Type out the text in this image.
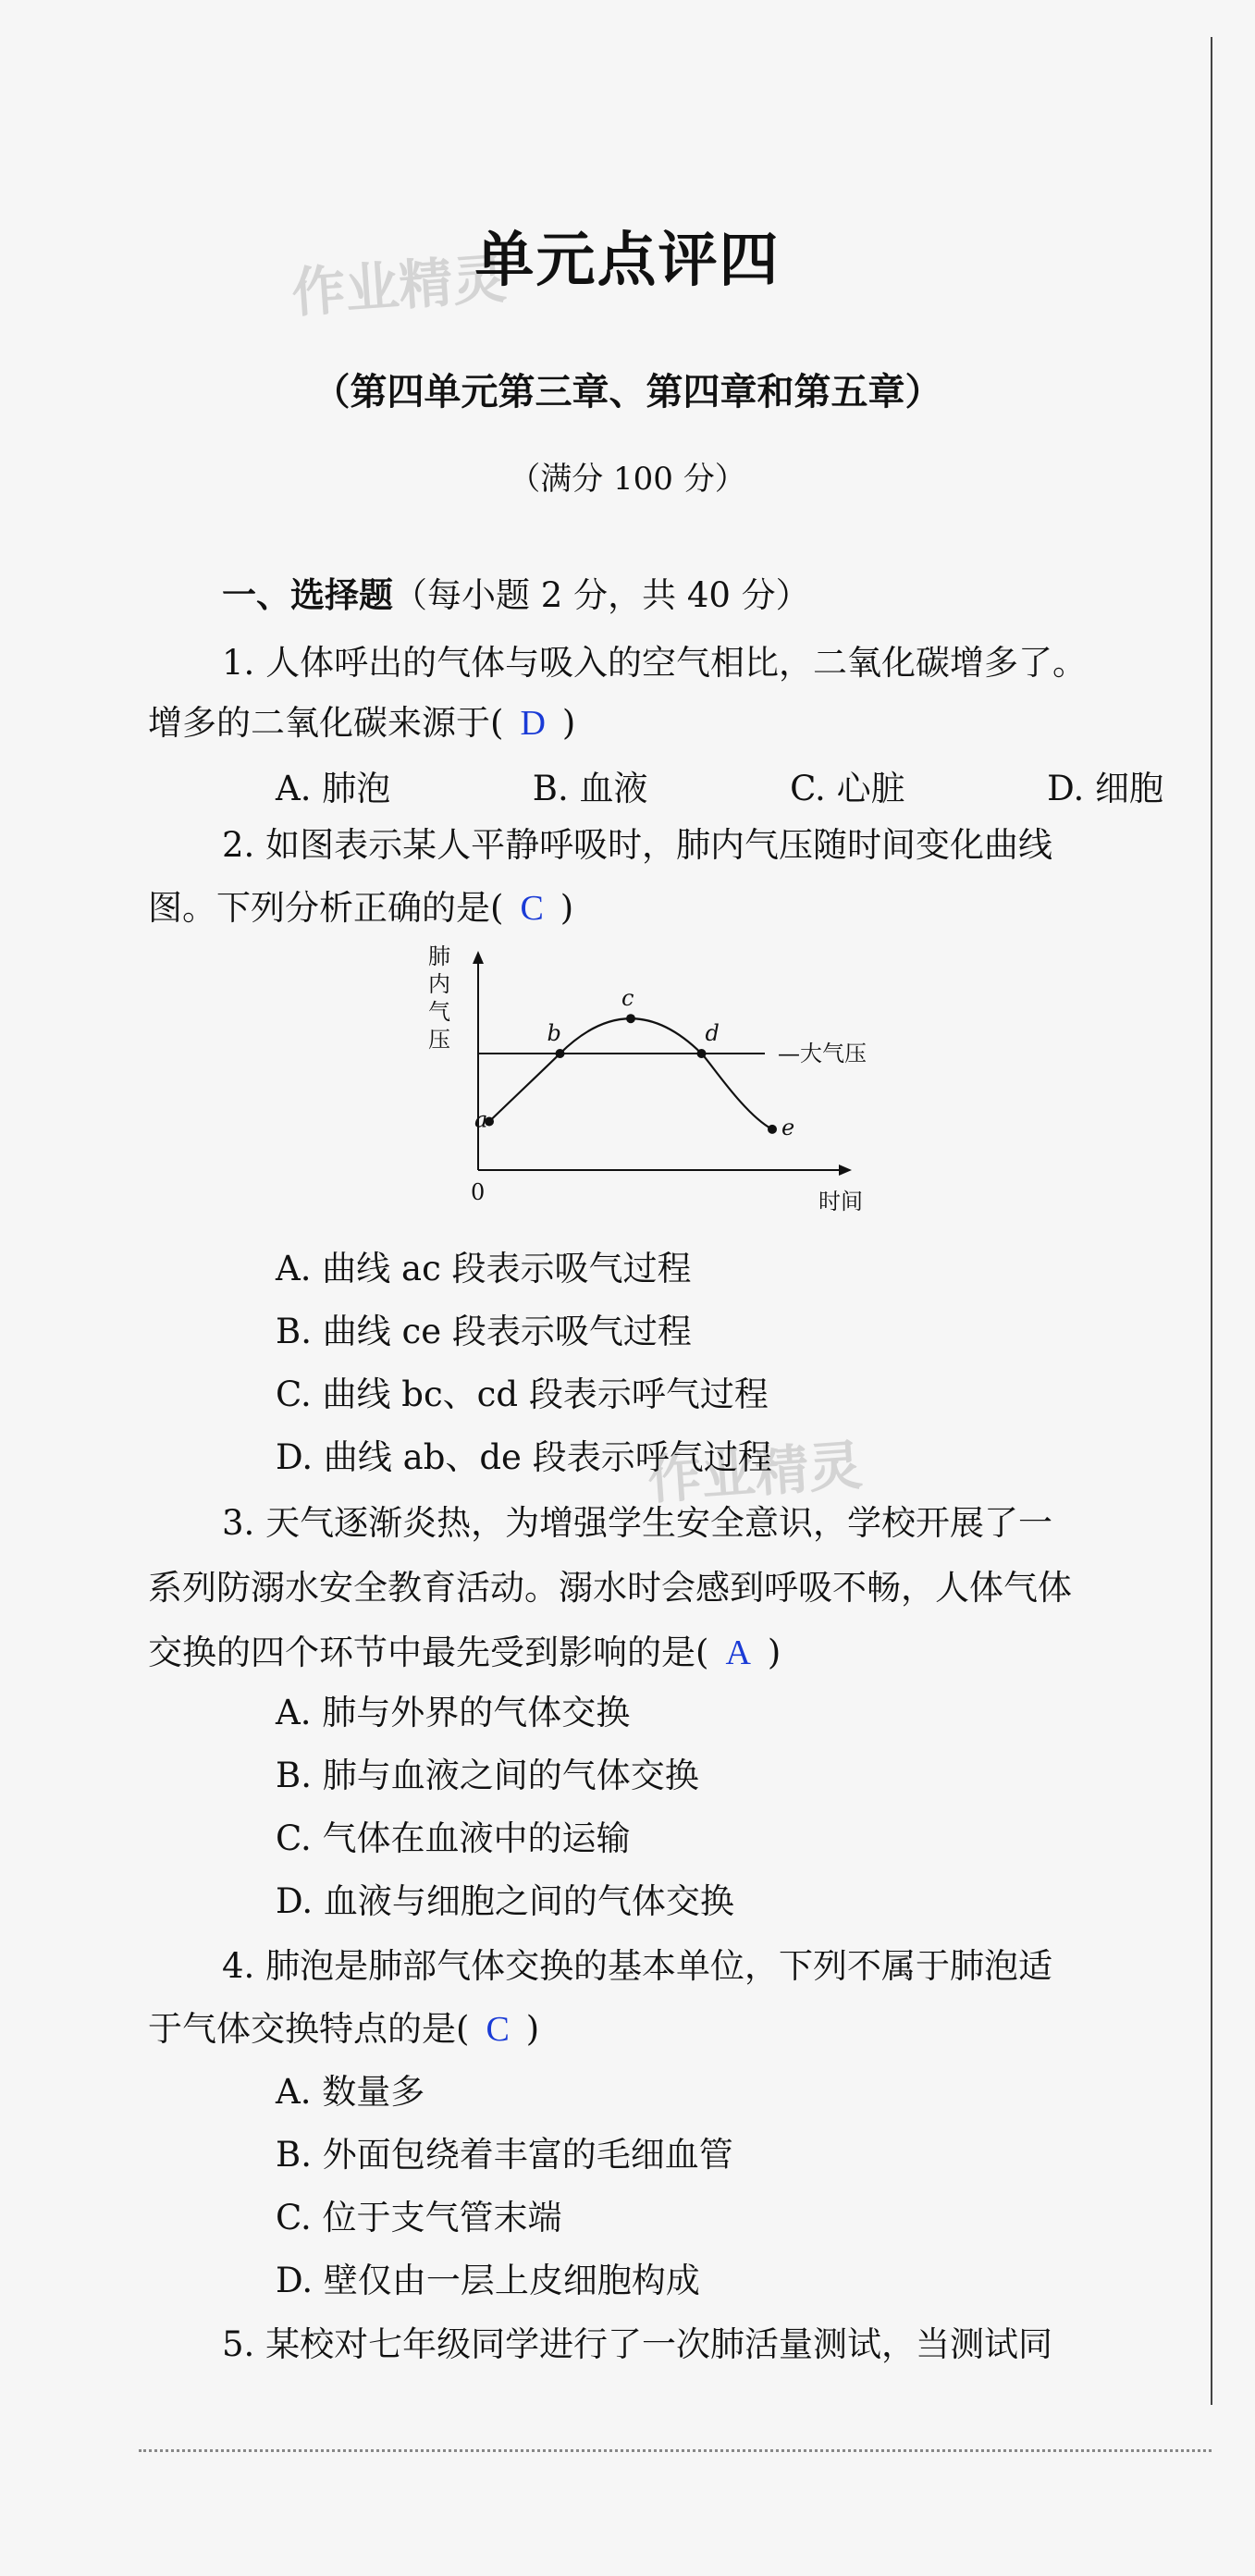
作业精灵
作业精灵
单元点评四
（第四单元第三章、第四章和第五章）
（满分 100 分）
一、选择题（每小题 2 分，共 40 分）
1. 人体呼出的气体与吸入的空气相比，二氧化碳增多了。
增多的二氧化碳来源于( D )
A. 肺泡	B. 血液	C. 心脏	D. 细胞
2. 如图表示某人平静呼吸时，肺内气压随时间变化曲线
图。下列分析正确的是( C )
肺
内
气
压
时间
0
—大气压
a
b
c
d
e
A. 曲线 ac 段表示吸气过程
B. 曲线 ce 段表示吸气过程
C. 曲线 bc、cd 段表示呼气过程
D. 曲线 ab、de 段表示呼气过程
3. 天气逐渐炎热，为增强学生安全意识，学校开展了一
系列防溺水安全教育活动。溺水时会感到呼吸不畅，人体气体
交换的四个环节中最先受到影响的是( A )
A. 肺与外界的气体交换
B. 肺与血液之间的气体交换
C. 气体在血液中的运输
D. 血液与细胞之间的气体交换
4. 肺泡是肺部气体交换的基本单位，下列不属于肺泡适
于气体交换特点的是( C )
A. 数量多
B. 外面包绕着丰富的毛细血管
C. 位于支气管末端
D. 壁仅由一层上皮细胞构成
5. 某校对七年级同学进行了一次肺活量测试，当测试同
